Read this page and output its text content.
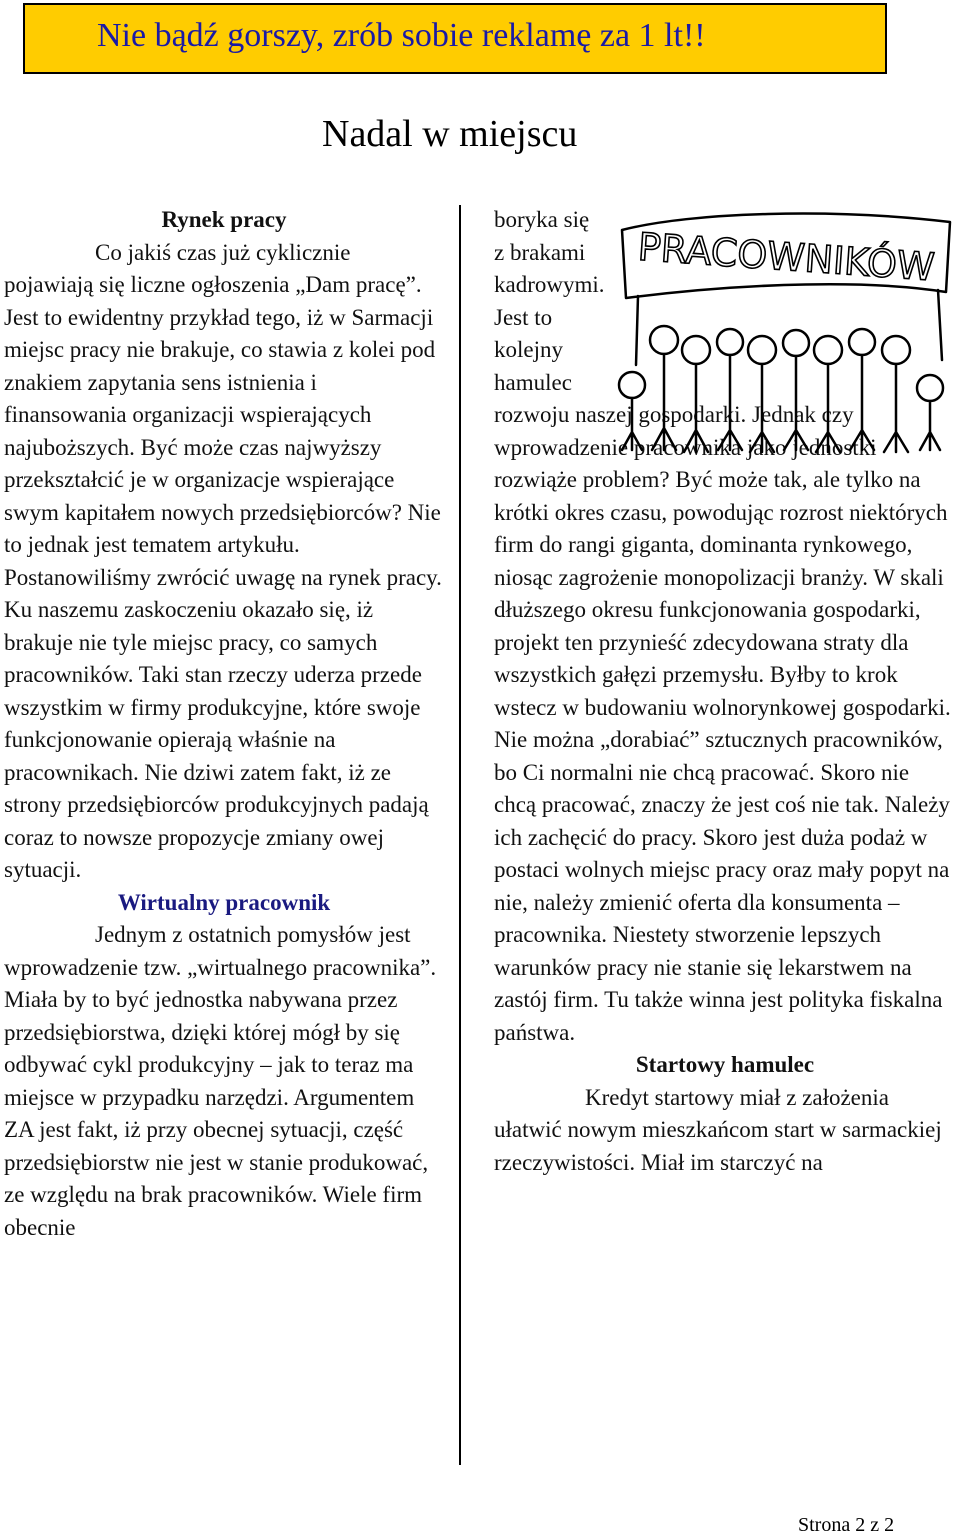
Nie bądź gorszy, zrób sobie reklamę za 1 lt!!
Nadal w miejscu

Rynek pracy

Co jakiś czas już cyklicznie pojawiają się liczne ogłoszenia „Dam pracę”. Jest to ewidentny przykład tego, iż w Sarmacji miejsc pracy nie brakuje, co stawia z kolei pod znakiem zapytania sens istnienia i finansowania organizacji wspierających najuboższych. Być może czas najwyższy przekształcić je w organizacje wspierające swym kapitałem nowych przedsiębiorców? Nie to jednak jest tematem artykułu. Postanowiliśmy zwrócić uwagę na rynek pracy. Ku naszemu zaskoczeniu okazało się, iż brakuje nie tyle miejsc pracy, co samych pracowników. Taki stan rzeczy uderza przede wszystkim w firmy produkcyjne, które swoje funkcjonowanie opierają właśnie na pracownikach. Nie dziwi zatem fakt, iż ze strony przedsiębiorców produkcyjnych padają coraz to nowsze propozycje zmiany owej sytuacji.

Wirtualny pracownik

Jednym z ostatnich pomysłów jest wprowadzenie tzw. „wirtualnego pracownika”. Miała by to być jednostka nabywana przez przedsiębiorstwa, dzięki której mógł by się odbywać cykl produkcyjny – jak to teraz ma miejsce w przypadku narzędzi. Argumentem ZA jest fakt, iż przy obecnej sytuacji, część przedsiębiorstw nie jest w stanie produkować, ze względu na brak pracowników. Wiele firm obecnie

boryka się z brakami kadrowymi. Jest to kolejny hamulec

rozwoju naszej gospodarki. Jednak czy wprowadzenie pracownika jako jednostki rozwiąże problem? Być może tak, ale tylko na krótki okres czasu, powodując rozrost niektórych firm do rangi giganta, dominanta rynkowego, niosąc zagrożenie monopolizacji branży. W skali dłuższego okresu funkcjonowania gospodarki, projekt ten przynieść zdecydowana straty dla wszystkich gałęzi przemysłu. Byłby to krok wstecz w budowaniu wolnorynkowej gospodarki. Nie można „dorabiać” sztucznych pracowników, bo Ci normalni nie chcą pracować. Skoro nie chcą pracować, znaczy że jest coś nie tak. Należy ich zachęcić do pracy. Skoro jest duża podaż w postaci wolnych miejsc pracy oraz mały popyt na nie, należy zmienić oferta dla konsumenta – pracownika. Niestety stworzenie lepszych warunków pracy nie stanie się lekarstwem na zastój firm. Tu także winna jest polityka fiskalna państwa.

Startowy hamulec

Kredyt startowy miał z założenia ułatwić nowym mieszkańcom start w sarmackiej rzeczywistości. Miał im starczyć na

PRACOWNIKÓW
Strona 2 z 2
